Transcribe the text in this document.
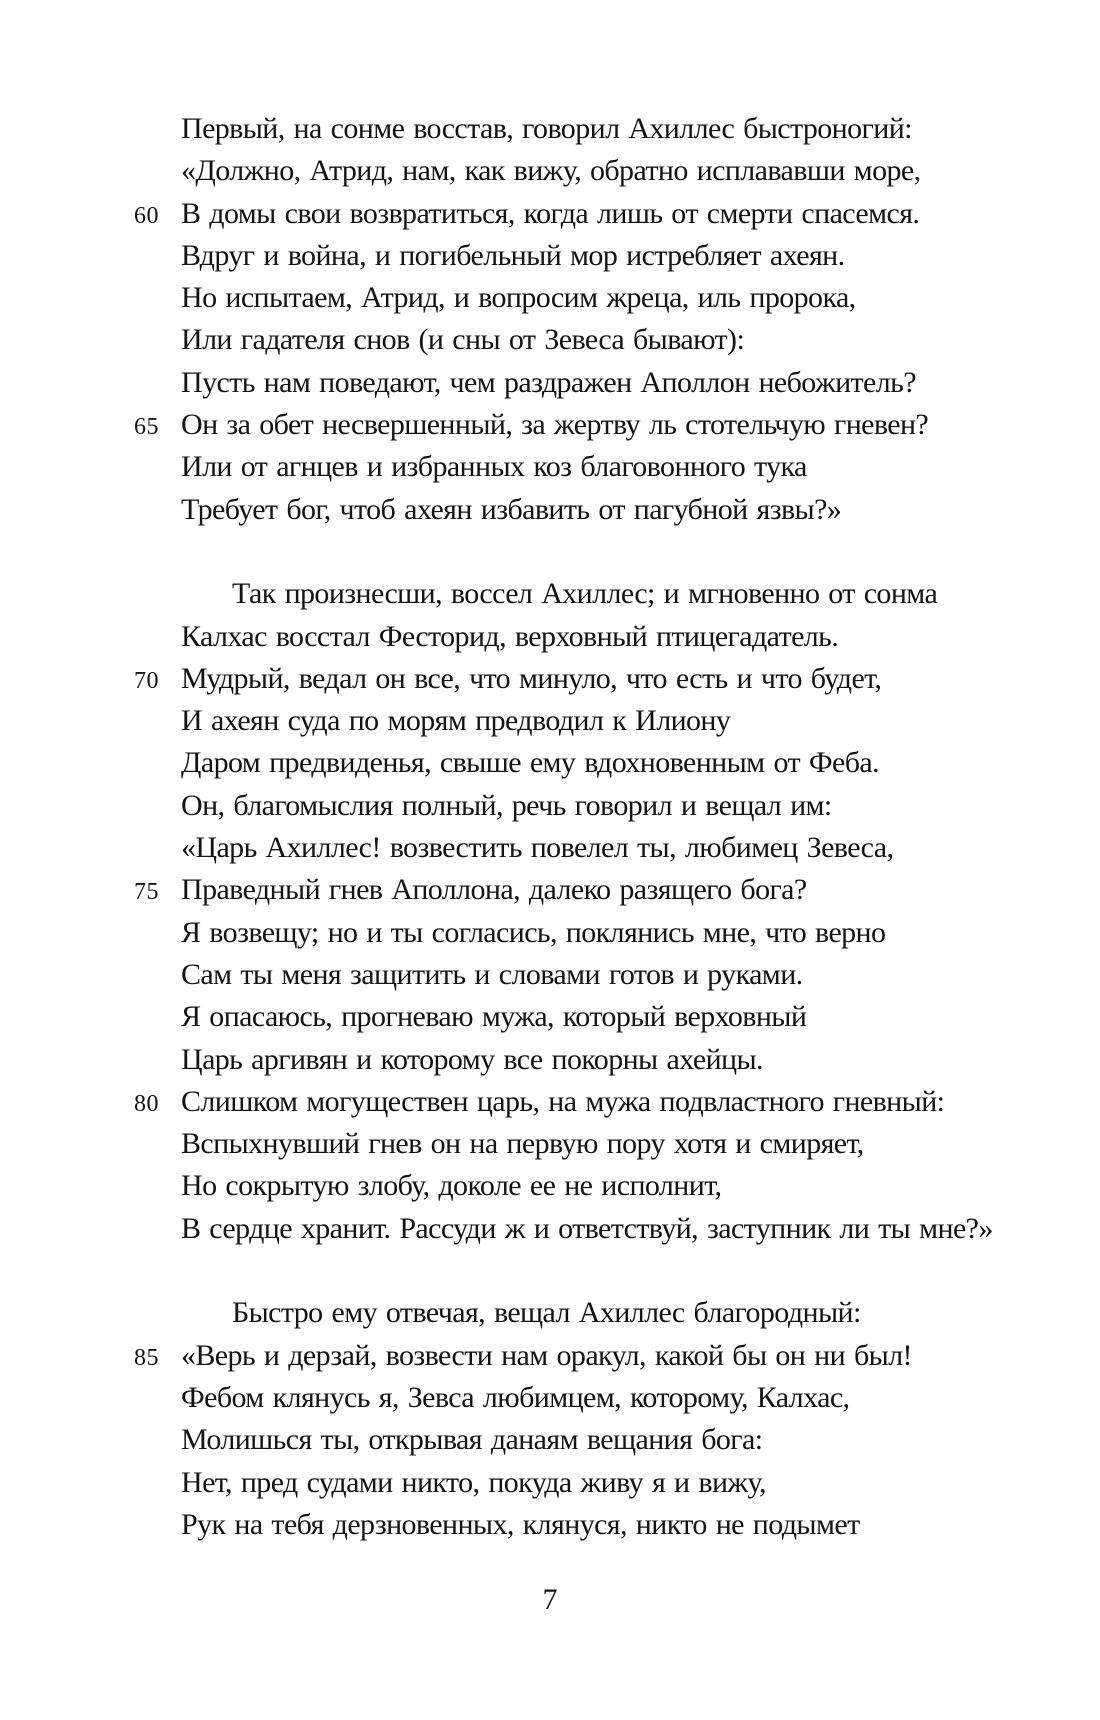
Первый, на сонме восстав, говорил Ахиллес быстроногий:
«Должно, Атрид, нам, как вижу, обратно исплававши море,
60 В домы свои возвратиться, когда лишь от смерти спасемся.
Вдруг и война, и погибельный мор истребляет ахеян.
Но испытаем, Атрид, и вопросим жреца, иль пророка,
Или гадателя снов (и сны от Зевеса бывают):
Пусть нам поведают, чем раздражен Аполлон небожитель?
65 Он за обет несвершенный, за жертву ль стотельчую гневен?
Или от агнцев и избранных коз благовонного тука
Требует бог, чтоб ахеян избавить от пагубной язвы?»
Так произнесши, воссел Ахиллес; и мгновенно от сонма
Калхас восстал Фесторид, верховный птицегадатель.
70 Мудрый, ведал он все, что минуло, что есть и что будет,
И ахеян суда по морям предводил к Илиону
Даром предвиденья, свыше ему вдохновенным от Феба.
Он, благомыслия полный, речь говорил и вещал им:
«Царь Ахиллес! возвестить повелел ты, любимец Зевеса,
75 Праведный гнев Аполлона, далеко разящего бога?
Я возвещу; но и ты согласись, поклянись мне, что верно
Сам ты меня защитить и словами готов и руками.
Я опасаюсь, прогневаю мужа, который верховный
Царь аргивян и которому все покорны ахейцы.
80 Слишком могуществен царь, на мужа подвластного гневный:
Вспыхнувший гнев он на первую пору хотя и смиряет,
Но сокрытую злобу, доколе ее не исполнит,
В сердце хранит. Рассуди ж и ответствуй, заступник ли ты мне?»
Быстро ему отвечая, вещал Ахиллес благородный:
85 «Верь и дерзай, возвести нам оракул, какой бы он ни был!
Фебом клянусь я, Зевса любимцем, которому, Калхас,
Молишься ты, открывая данаям вещания бога:
Нет, пред судами никто, покуда живу я и вижу,
Рук на тебя дерзновенных, клянуся, никто не подымет
7
